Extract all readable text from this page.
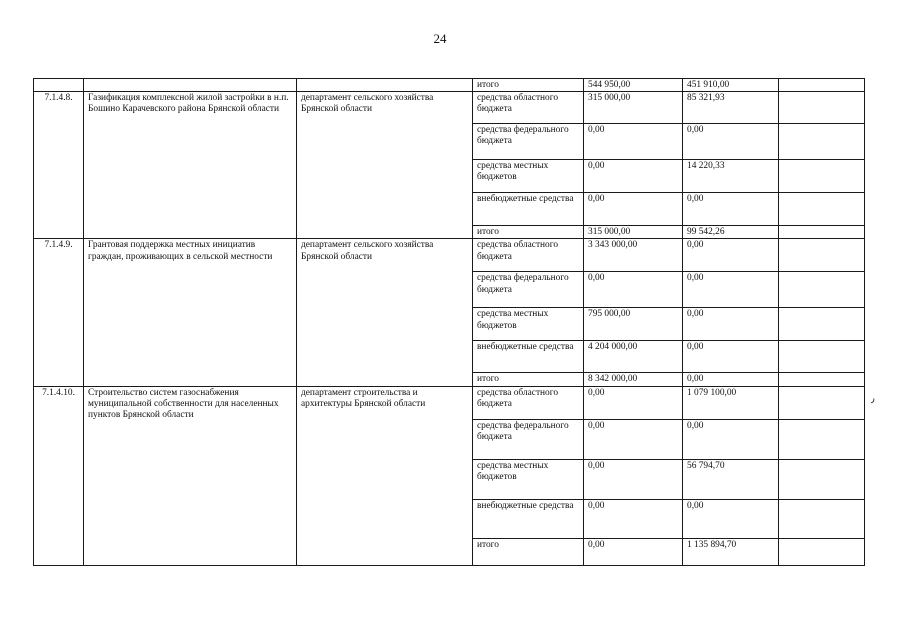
24
			итого	544 950,00	451 910,00	
7.1.4.8.	Газификация комплексной жилой застройки в н.п. Бошино Карачевского района Брянской области	департамент сельского хозяйства Брянской области	средства областного бюджета	315 000,00	85 321,93	
			средства федерального бюджета	0,00	0,00	
			средства местных бюджетов	0,00	14 220,33	
			внебюджетные средства	0,00	0,00	
			итого	315 000,00	99 542,26	
7.1.4.9.	Грантовая поддержка местных инициатив граждан, проживающих в сельской местности	департамент сельского хозяйства Брянской области	средства областного бюджета	3 343 000,00	0,00	
			средства федерального бюджета	0,00	0,00	
			средства местных бюджетов	795 000,00	0,00	
			внебюджетные средства	4 204 000,00	0,00	
			итого	8 342 000,00	0,00	
7.1.4.10.	Строительство систем газоснабжения муниципальной собственности для населенных пунктов Брянской области	департамент строительства и архитектуры Брянской области	средства областного бюджета	0,00	1 079 100,00	
			средства федерального бюджета	0,00	0,00	
			средства местных бюджетов	0,00	56 794,70	
			внебюджетные средства	0,00	0,00	
			итого	0,00	1 135 894,70	
٫
